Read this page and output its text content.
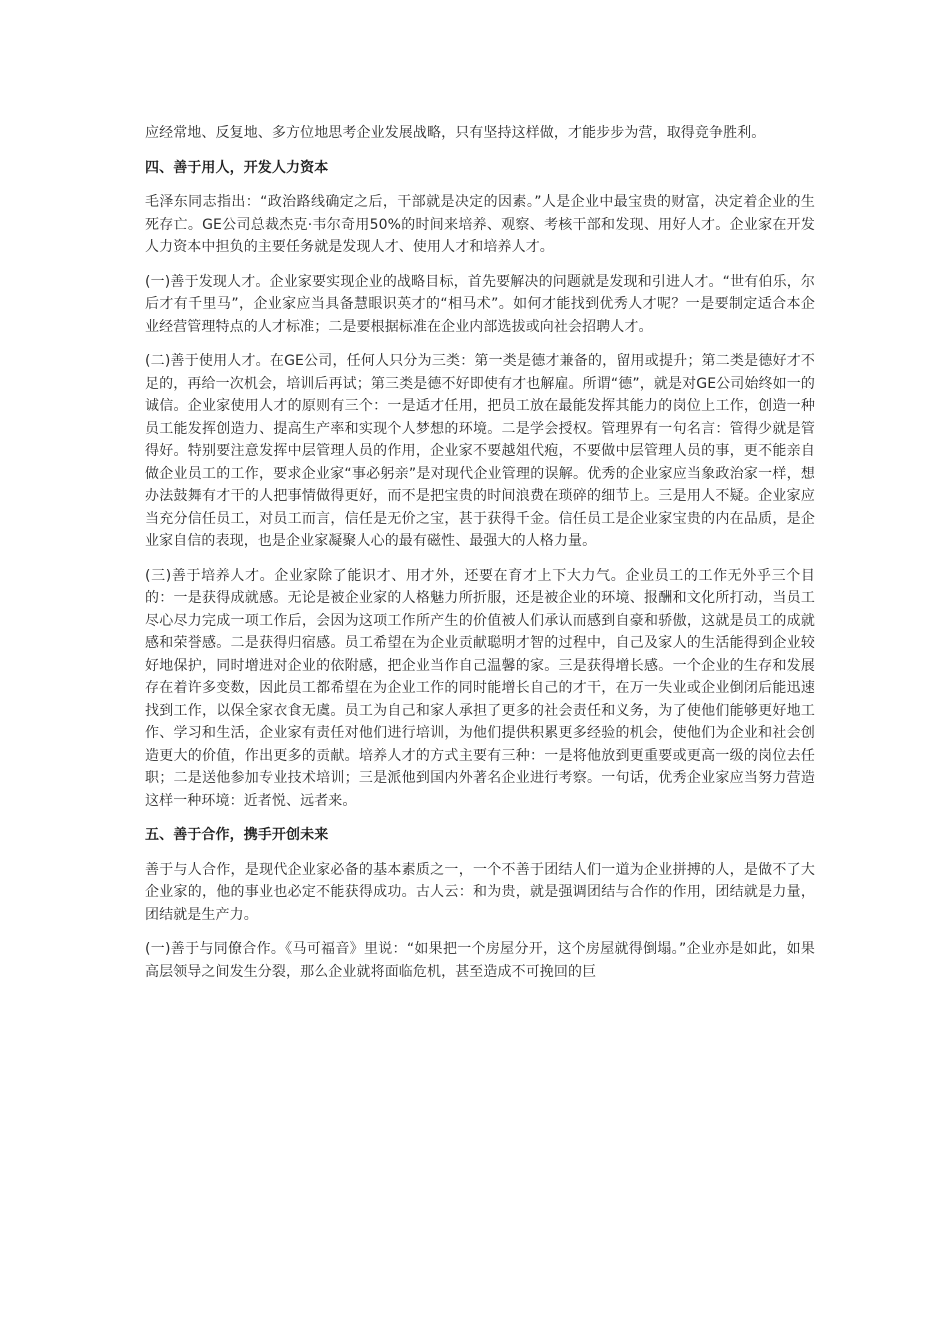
应经常地、反复地、多方位地思考企业发展战略，只有坚持这样做，才能步步为营，取得竞争胜利。

四、善于用人，开发人力资本

毛泽东同志指出：“政治路线确定之后，干部就是决定的因素。”人是企业中最宝贵的财富，决定着企业的生死存亡。GE公司总裁杰克·韦尔奇用50%的时间来培养、观察、考核干部和发现、用好人才。企业家在开发人力资本中担负的主要任务就是发现人才、使用人才和培养人才。

(一)善于发现人才。企业家要实现企业的战略目标，首先要解决的问题就是发现和引进人才。“世有伯乐，尔后才有千里马”，企业家应当具备慧眼识英才的“相马术”。如何才能找到优秀人才呢？一是要制定适合本企业经营管理特点的人才标准；二是要根据标准在企业内部选拔或向社会招聘人才。

(二)善于使用人才。在GE公司，任何人只分为三类：第一类是德才兼备的，留用或提升；第二类是德好才不足的，再给一次机会，培训后再试；第三类是德不好即使有才也解雇。所谓“德”，就是对GE公司始终如一的诚信。企业家使用人才的原则有三个：一是适才任用，把员工放在最能发挥其能力的岗位上工作，创造一种员工能发挥创造力、提高生产率和实现个人梦想的环境。二是学会授权。管理界有一句名言：管得少就是管得好。特别要注意发挥中层管理人员的作用，企业家不要越俎代疱，不要做中层管理人员的事，更不能亲自做企业员工的工作，要求企业家“事必躬亲”是对现代企业管理的误解。优秀的企业家应当象政治家一样，想办法鼓舞有才干的人把事情做得更好，而不是把宝贵的时间浪费在琐碎的细节上。三是用人不疑。企业家应当充分信任员工，对员工而言，信任是无价之宝，甚于获得千金。信任员工是企业家宝贵的内在品质，是企业家自信的表现，也是企业家凝聚人心的最有磁性、最强大的人格力量。

(三)善于培养人才。企业家除了能识才、用才外，还要在育才上下大力气。企业员工的工作无外乎三个目的：一是获得成就感。无论是被企业家的人格魅力所折服，还是被企业的环境、报酬和文化所打动，当员工尽心尽力完成一项工作后，会因为这项工作所产生的价值被人们承认而感到自豪和骄傲，这就是员工的成就感和荣誉感。二是获得归宿感。员工希望在为企业贡献聪明才智的过程中，自己及家人的生活能得到企业较好地保护，同时增进对企业的依附感，把企业当作自己温馨的家。三是获得增长感。一个企业的生存和发展存在着许多变数，因此员工都希望在为企业工作的同时能增长自己的才干，在万一失业或企业倒闭后能迅速找到工作，以保全家衣食无虞。员工为自己和家人承担了更多的社会责任和义务，为了使他们能够更好地工作、学习和生活，企业家有责任对他们进行培训，为他们提供积累更多经验的机会，使他们为企业和社会创造更大的价值，作出更多的贡献。培养人才的方式主要有三种：一是将他放到更重要或更高一级的岗位去任职；二是送他参加专业技术培训；三是派他到国内外著名企业进行考察。一句话，优秀企业家应当努力营造这样一种环境：近者悦、远者来。

五、善于合作，携手开创未来

善于与人合作，是现代企业家必备的基本素质之一，一个不善于团结人们一道为企业拼搏的人，是做不了大企业家的，他的事业也必定不能获得成功。古人云：和为贵，就是强调团结与合作的作用，团结就是力量，团结就是生产力。

(一)善于与同僚合作。《马可福音》里说：“如果把一个房屋分开，这个房屋就得倒塌。”企业亦是如此，如果高层领导之间发生分裂，那么企业就将面临危机，甚至造成不可挽回的巨
